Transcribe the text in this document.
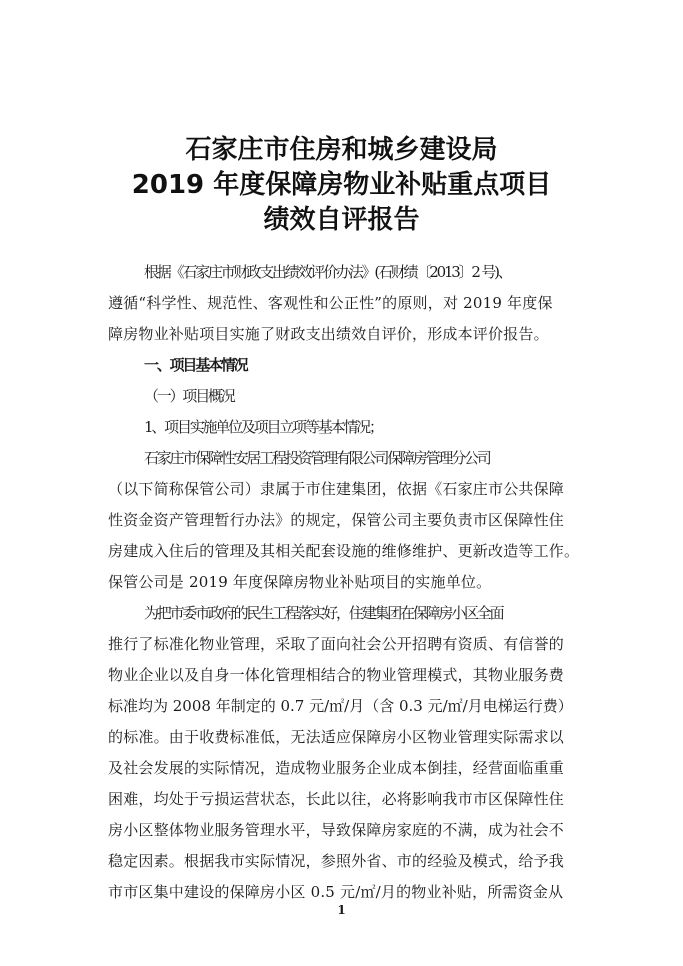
石家庄市住房和城乡建设局
2019 年度保障房物业补贴重点项目
绩效自评报告
根据《石家庄市财政支出绩效评价办法》(石财绩〔2013〕2 号)、
遵循“科学性、规范性、客观性和公正性”的原则，对 2019 年度保
障房物业补贴项目实施了财政支出绩效自评价，形成本评价报告。
一、项目基本情况
（一）项目概况
1、项目实施单位及项目立项等基本情况；
石家庄市保障性安居工程投资管理有限公司保障房管理分公司
（以下简称保管公司）隶属于市住建集团，依据《石家庄市公共保障
性资金资产管理暂行办法》的规定，保管公司主要负责市区保障性住
房建成入住后的管理及其相关配套设施的维修维护、更新改造等工作。
保管公司是 2019 年度保障房物业补贴项目的实施单位。
为把市委市政府的民生工程落实好，住建集团在保障房小区全面
推行了标准化物业管理，采取了面向社会公开招聘有资质、有信誉的
物业企业以及自身一体化管理相结合的物业管理模式，其物业服务费
标准均为 2008 年制定的 0.7 元/㎡/月（含 0.3 元/㎡/月电梯运行费）
的标准。由于收费标准低，无法适应保障房小区物业管理实际需求以
及社会发展的实际情况，造成物业服务企业成本倒挂，经营面临重重
困难，均处于亏损运营状态，长此以往，必将影响我市市区保障性住
房小区整体物业服务管理水平，导致保障房家庭的不满，成为社会不
稳定因素。根据我市实际情况，参照外省、市的经验及模式，给予我
市市区集中建设的保障房小区 0.5 元/㎡/月的物业补贴，所需资金从
1
